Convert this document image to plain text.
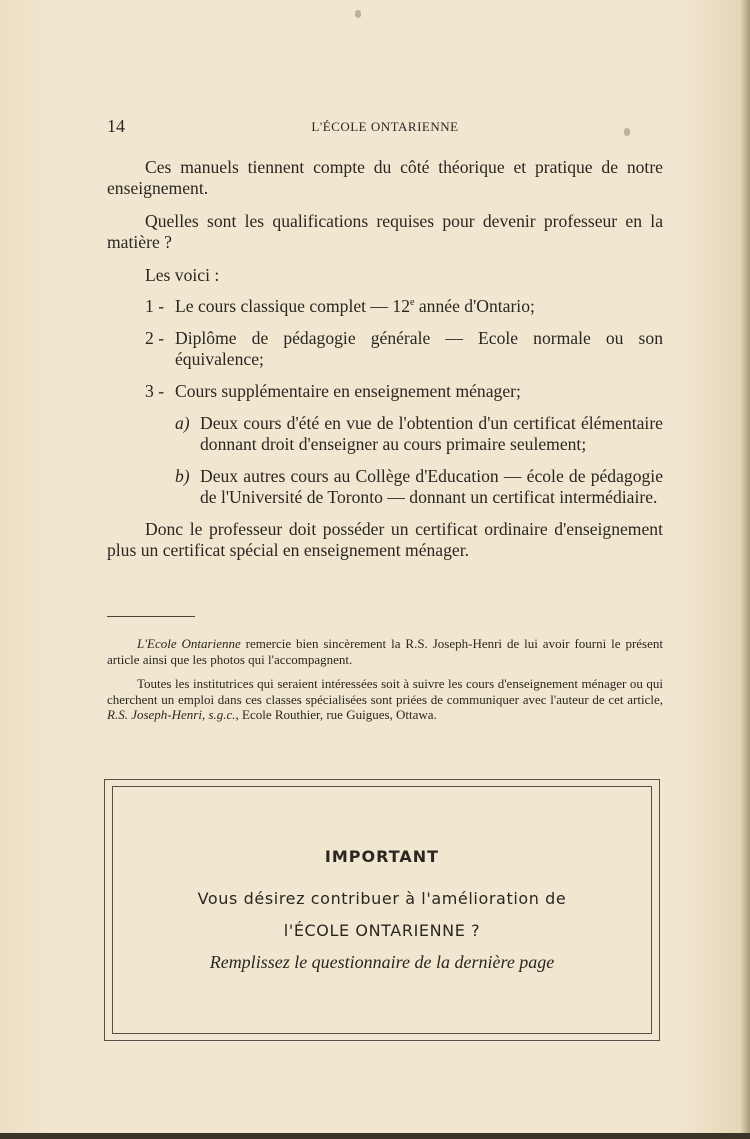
14	L'ÉCOLE ONTARIENNE

Ces manuels tiennent compte du côté théorique et pratique de notre enseignement.

Quelles sont les qualifications requises pour devenir professeur en la matière ?

Les voici :

1 - Le cours classique complet — 12e année d'Ontario;

2 - Diplôme de pédagogie générale — Ecole normale ou son équivalence;

3 - Cours supplémentaire en enseignement ménager;

a) Deux cours d'été en vue de l'obtention d'un certificat élémentaire donnant droit d'enseigner au cours primaire seulement;

b) Deux autres cours au Collège d'Education — école de pédagogie de l'Université de Toronto — donnant un certificat intermédiaire.

Donc le professeur doit posséder un certificat ordinaire d'enseignement plus un certificat spécial en enseignement ménager.

L'Ecole Ontarienne remercie bien sincèrement la R.S. Joseph-Henri de lui avoir fourni le présent article ainsi que les photos qui l'accompagnent.

Toutes les institutrices qui seraient intéressées soit à suivre les cours d'enseignement ménager ou qui cherchent un emploi dans ces classes spécialisées sont priées de communiquer avec l'auteur de cet article, R.S. Joseph-Henri, s.g.c., Ecole Routhier, rue Guigues, Ottawa.

IMPORTANT
Vous désirez contribuer à l'amélioration de
l'ÉCOLE ONTARIENNE ?
Remplissez le questionnaire de la dernière page
